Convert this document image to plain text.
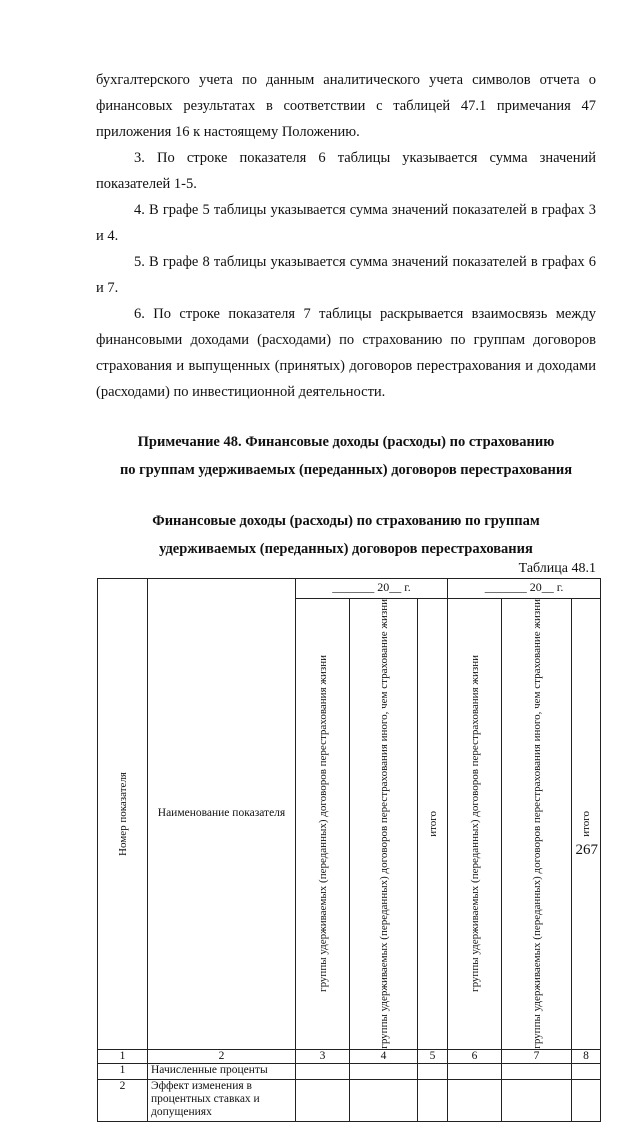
бухгалтерского учета по данным аналитического учета символов отчета о финансовых результатах в соответствии с таблицей 47.1 примечания 47 приложения 16 к настоящему Положению.

3. По строке показателя 6 таблицы указывается сумма значений показателей 1-5.

4. В графе 5 таблицы указывается сумма значений показателей в графах 3 и 4.

5. В графе 8 таблицы указывается сумма значений показателей в графах 6 и 7.

6. По строке показателя 7 таблицы раскрывается взаимосвязь между финансовыми доходами (расходами) по страхованию по группам договоров страхования и выпущенных (принятых) договоров перестрахования и доходами (расходами) по инвестиционной деятельности.

Примечание 48. Финансовые доходы (расходы) по страхованию
по группам удерживаемых (переданных) договоров перестрахования
Финансовые доходы (расходы) по страхованию по группам
удерживаемых (переданных) договоров перестрахования
Таблица 48.1
Номер показателя	Наименование показателя	_______ 20__ г.			_______ 20__ г.		

		группы удерживаемых (переданных) договоров перестрахования жизни	группы удерживаемых (переданных) договоров перестрахования иного, чем страхование жизни	итого	группы удерживаемых (переданных) договоров перестрахования жизни	группы удерживаемых (переданных) договоров перестрахования иного, чем страхование жизни	итого

1	2	3	4	5	6	7	8
1	Начисленные проценты						
2	Эффект изменения в процентных ставках и допущениях						
267
